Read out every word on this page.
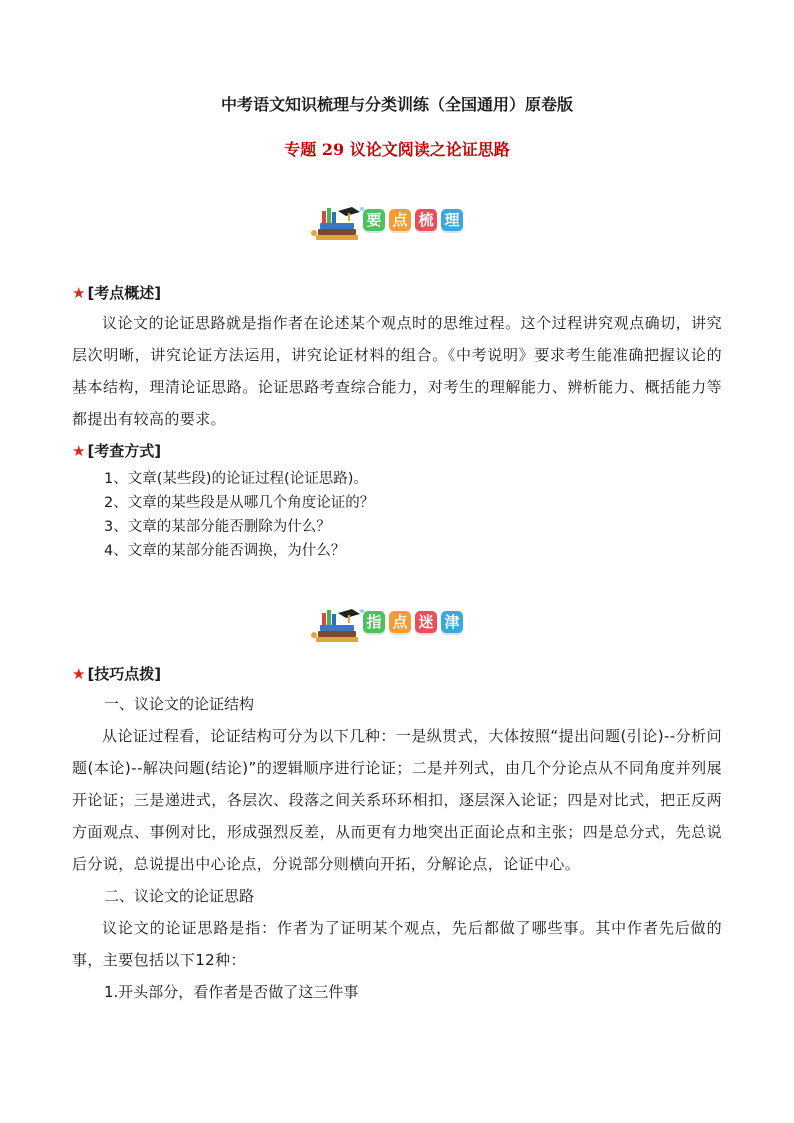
中考语文知识梳理与分类训练（全国通用）原卷版
专题 29 议论文阅读之论证思路
要 点 梳 理
★ [考点概述]
议论文的论证思路就是指作者在论述某个观点时的思维过程。这个过程讲究观点确切，讲究层次明晰，讲究论证方法运用，讲究论证材料的组合。《中考说明》要求考生能准确把握议论的基本结构，理清论证思路。论证思路考查综合能力，对考生的理解能力、辨析能力、概括能力等都提出有较高的要求。
★ [考查方式]
1、文章(某些段)的论证过程(论证思路)。
2、文章的某些段是从哪几个角度论证的？
3、文章的某部分能否删除为什么？
4、文章的某部分能否调换，为什么？
指 点 迷 津
★ [技巧点拨]
一、议论文的论证结构
从论证过程看，论证结构可分为以下几种：一是纵贯式，大体按照“提出问题(引论)--分析问题(本论)--解决问题(结论)”的逻辑顺序进行论证；二是并列式，由几个分论点从不同角度并列展开论证；三是递进式，各层次、段落之间关系环环相扣，逐层深入论证；四是对比式，把正反两方面观点、事例对比，形成强烈反差，从而更有力地突出正面论点和主张；四是总分式，先总说后分说，总说提出中心论点，分说部分则横向开拓，分解论点，论证中心。
二、议论文的论证思路
议论文的论证思路是指：作者为了证明某个观点，先后都做了哪些事。其中作者先后做的事，主要包括以下12种：
1.开头部分，看作者是否做了这三件事
